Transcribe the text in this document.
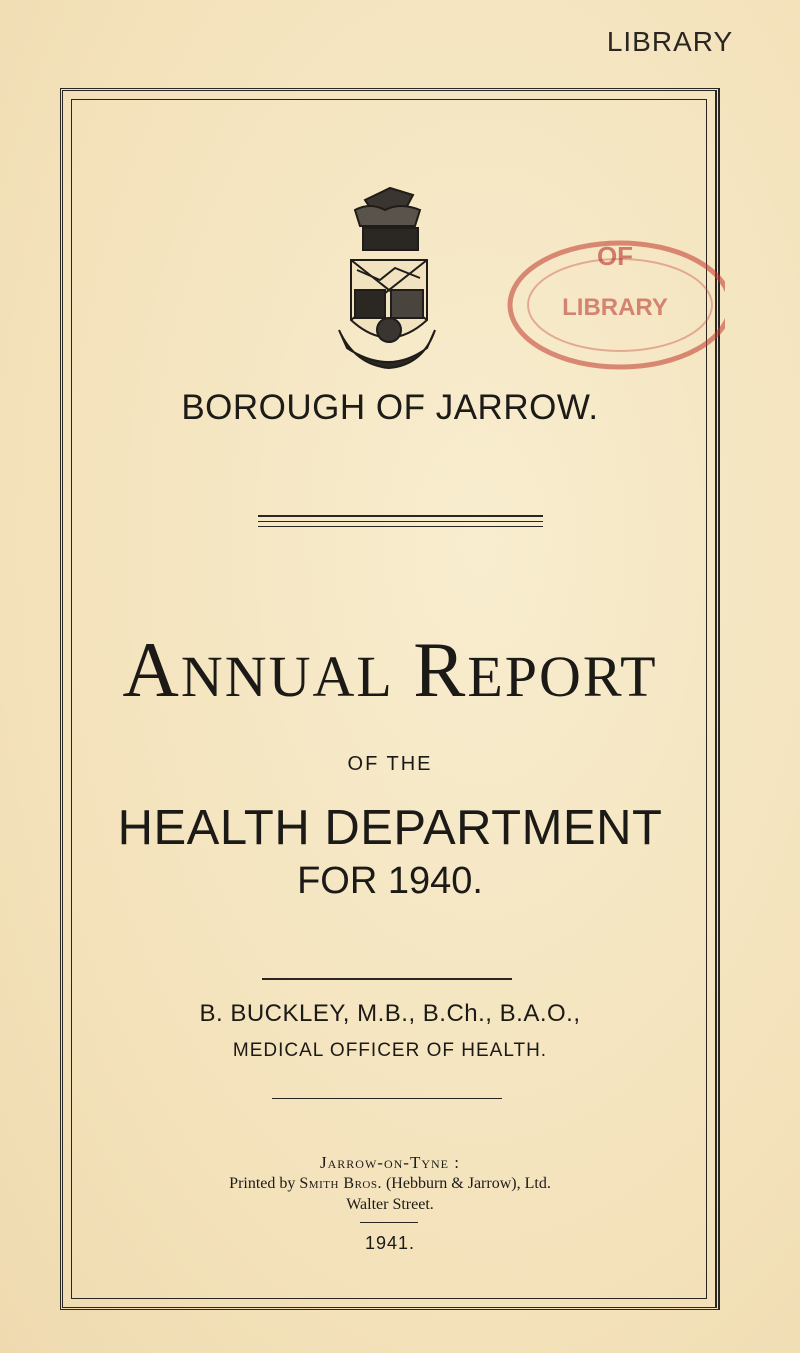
LIBRARY
OF
LIBRARY
BOROUGH OF JARROW.
ANNUAL REPORT
OF THE
HEALTH DEPARTMENT
FOR 1940.
B. BUCKLEY, M.B., B.Ch., B.A.O.,
MEDICAL OFFICER OF HEALTH.
Jarrow-on-Tyne :
Printed by Smith Bros. (Hebburn & Jarrow), Ltd.
Walter Street.
1941.
